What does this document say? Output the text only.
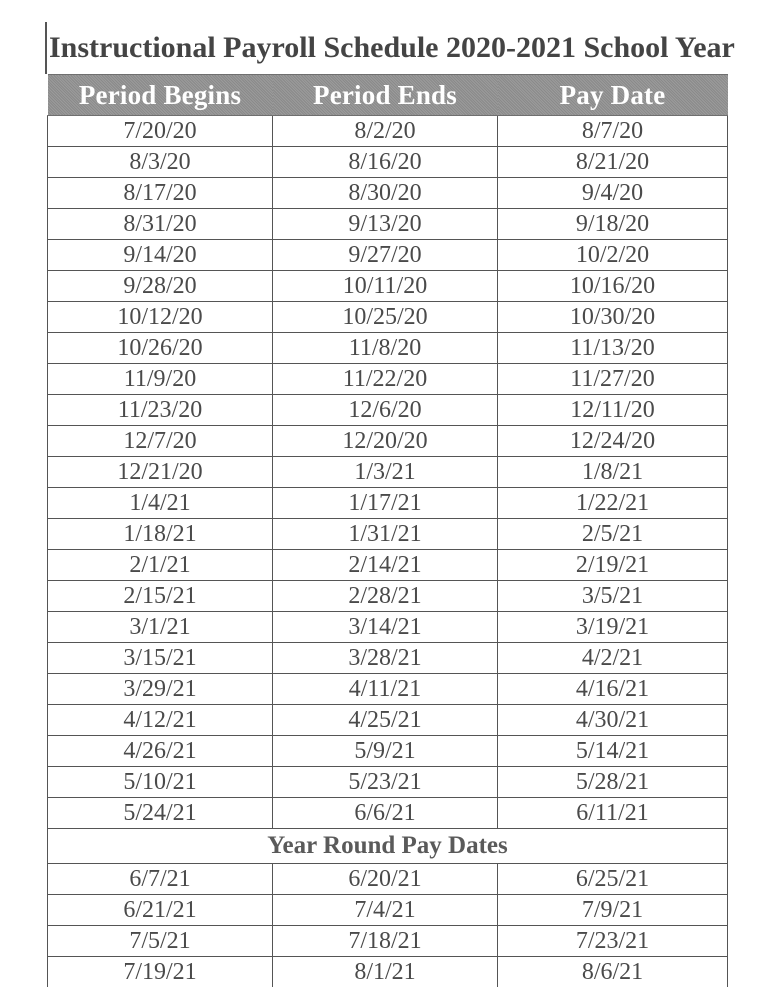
Instructional Payroll Schedule 2020-2021 School Year
Period Begins	Period Ends	Pay Date
7/20/20	8/2/20	8/7/20
8/3/20	8/16/20	8/21/20
8/17/20	8/30/20	9/4/20
8/31/20	9/13/20	9/18/20
9/14/20	9/27/20	10/2/20
9/28/20	10/11/20	10/16/20
10/12/20	10/25/20	10/30/20
10/26/20	11/8/20	11/13/20
11/9/20	11/22/20	11/27/20
11/23/20	12/6/20	12/11/20
12/7/20	12/20/20	12/24/20
12/21/20	1/3/21	1/8/21
1/4/21	1/17/21	1/22/21
1/18/21	1/31/21	2/5/21
2/1/21	2/14/21	2/19/21
2/15/21	2/28/21	3/5/21
3/1/21	3/14/21	3/19/21
3/15/21	3/28/21	4/2/21
3/29/21	4/11/21	4/16/21
4/12/21	4/25/21	4/30/21
4/26/21	5/9/21	5/14/21
5/10/21	5/23/21	5/28/21
5/24/21	6/6/21	6/11/21
Year Round Pay Dates		
6/7/21	6/20/21	6/25/21
6/21/21	7/4/21	7/9/21
7/5/21	7/18/21	7/23/21
7/19/21	8/1/21	8/6/21
